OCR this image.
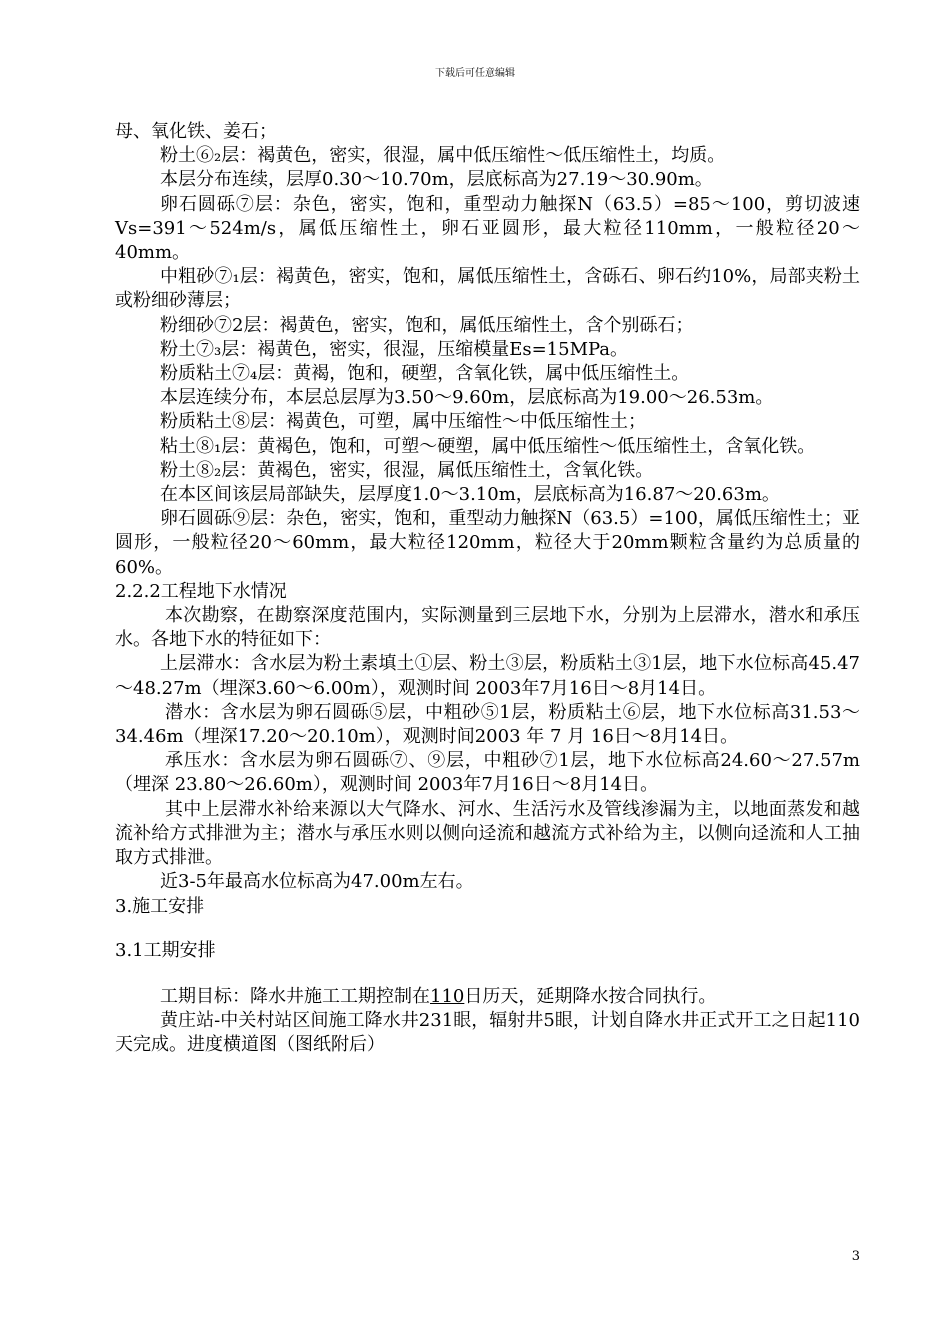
下载后可任意编辑

母、氧化铁、姜石；

粉土⑥₂层：褐黄色，密实，很湿，属中低压缩性～低压缩性土，均质。

本层分布连续，层厚0.30～10.70m，层底标高为27.19～30.90m。

卵石圆砾⑦层：杂色，密实，饱和，重型动力触探N（63.5）=85～100，剪切波速Vs=391～524m/s，属低压缩性土，卵石亚圆形，最大粒径110mm，一般粒径20～40mm。

中粗砂⑦₁层：褐黄色，密实，饱和，属低压缩性土，含砾石、卵石约10%，局部夹粉土或粉细砂薄层；

粉细砂⑦2层：褐黄色，密实，饱和，属低压缩性土，含个别砾石；

粉土⑦₃层：褐黄色，密实，很湿，压缩模量Es=15MPa。

粉质粘土⑦₄层：黄褐，饱和，硬塑，含氧化铁，属中低压缩性土。

本层连续分布，本层总层厚为3.50～9.60m，层底标高为19.00～26.53m。

粉质粘土⑧层：褐黄色，可塑，属中压缩性～中低压缩性土；

粘土⑧₁层：黄褐色，饱和，可塑～硬塑，属中低压缩性～低压缩性土，含氧化铁。

粉土⑧₂层：黄褐色，密实，很湿，属低压缩性土，含氧化铁。

在本区间该层局部缺失，层厚度1.0～3.10m，层底标高为16.87～20.63m。

卵石圆砾⑨层：杂色，密实，饱和，重型动力触探N（63.5）=100，属低压缩性土；亚圆形，一般粒径20～60mm，最大粒径120mm，粒径大于20mm颗粒含量约为总质量的60%。

2.2.2工程地下水情况

本次勘察，在勘察深度范围内，实际测量到三层地下水，分别为上层滞水，潜水和承压水。各地下水的特征如下：

上层滞水：含水层为粉土素填土①层、粉土③层，粉质粘土③1层，地下水位标高45.47～48.27m（埋深3.60～6.00m），观测时间 2003年7月16日～8月14日。

潜水：含水层为卵石圆砾⑤层，中粗砂⑤1层，粉质粘土⑥层，地下水位标高31.53～34.46m（埋深17.20～20.10m），观测时间2003 年 7 月 16日～8月14日。

承压水：含水层为卵石圆砾⑦、⑨层，中粗砂⑦1层，地下水位标高24.60～27.57m（埋深 23.80～26.60m），观测时间 2003年7月16日～8月14日。

其中上层滞水补给来源以大气降水、河水、生活污水及管线渗漏为主，以地面蒸发和越流补给方式排泄为主；潜水与承压水则以侧向迳流和越流方式补给为主，以侧向迳流和人工抽取方式排泄。

近3-5年最高水位标高为47.00m左右。

3.施工安排

3.1工期安排

工期目标：降水井施工工期控制在110日历天，延期降水按合同执行。

黄庄站-中关村站区间施工降水井231眼，辐射井5眼，计划自降水井正式开工之日起110天完成。进度横道图（图纸附后）

3
